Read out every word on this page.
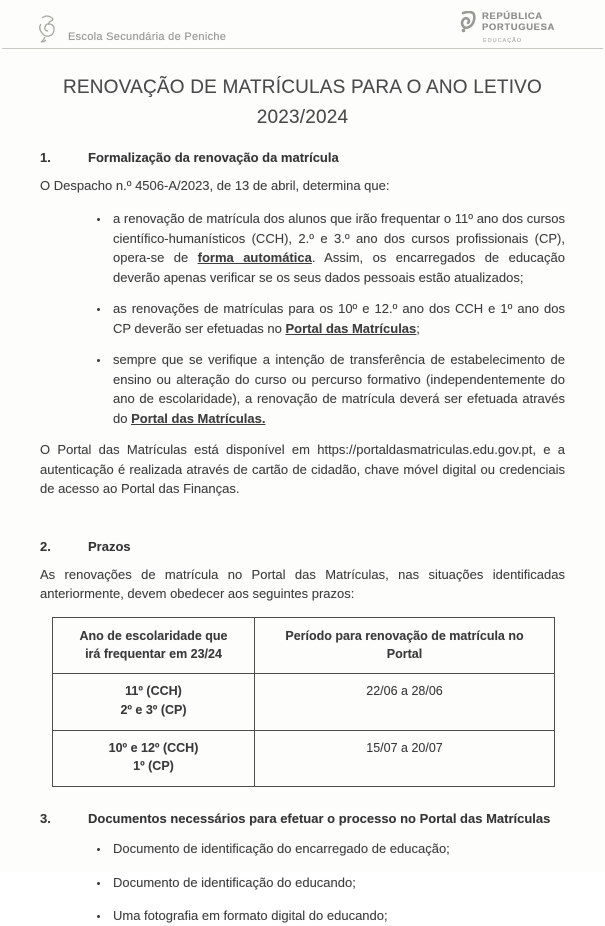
Escola Secundária de Peniche
REPÚBLICA
PORTUGUESA
EDUCAÇÃO
RENOVAÇÃO DE MATRÍCULAS PARA O ANO LETIVO
2023/2024
1.	Formalização da renovação da matrícula

O Despacho n.º 4506-A/2023, de 13 de abril, determina que:

• a renovação de matrícula dos alunos que irão frequentar o 11º ano dos cursos científico-humanísticos (CCH), 2.º e 3.º ano dos cursos profissionais (CP), opera-se de forma automática. Assim, os encarregados de educação deverão apenas verificar se os seus dados pessoais estão atualizados;
• as renovações de matrículas para os 10º e 12.º ano dos CCH e 1º ano dos CP deverão ser efetuadas no Portal das Matrículas;
• sempre que se verifique a intenção de transferência de estabelecimento de ensino ou alteração do curso ou percurso formativo (independentemente do ano de escolaridade), a renovação de matrícula deverá ser efetuada através do Portal das Matrículas.

O Portal das Matrículas está disponível em https://portaldasmatriculas.edu.gov.pt, e a autenticação é realizada através de cartão de cidadão, chave móvel digital ou credenciais de acesso ao Portal das Finanças.

2.	Prazos

As renovações de matrícula no Portal das Matrículas, nas situações identificadas anteriormente, devem obedecer aos seguintes prazos:

Ano de escolaridade que irá frequentar em 23/24	Período para renovação de matrícula no Portal

11º (CCH)
2º e 3º (CP)	22/06 a 28/06

10º e 12º (CCH)
1º (CP)	15/07 a 20/07
3.	Documentos necessários para efetuar o processo no Portal das Matrículas
• Documento de identificação do encarregado de educação;
• Documento de identificação do educando;
• Uma fotografia em formato digital do educando;
